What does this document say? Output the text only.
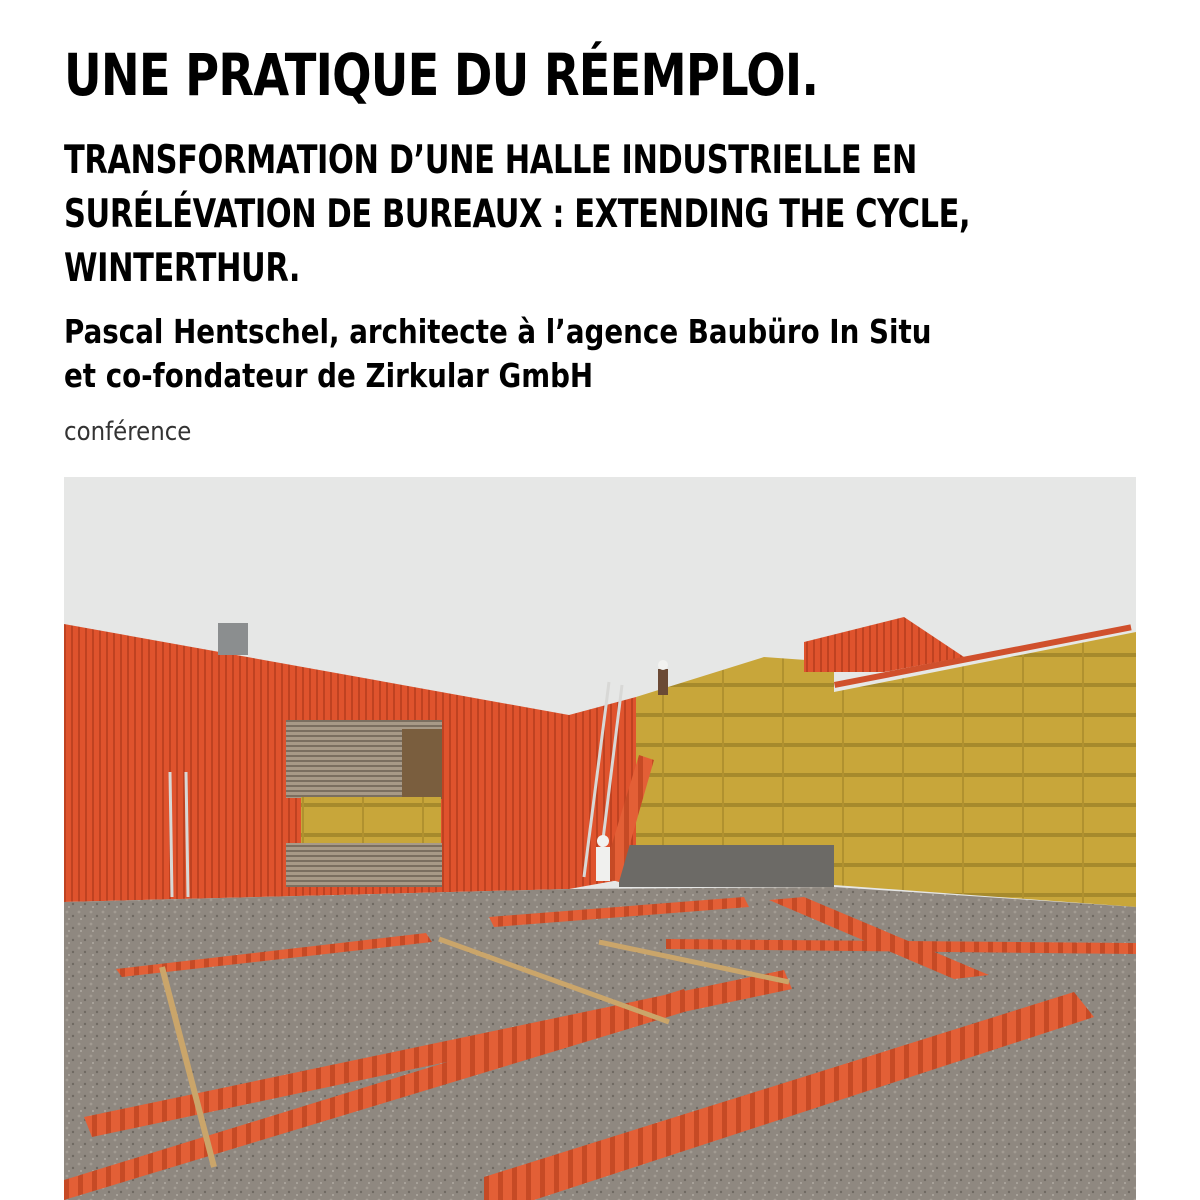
UNE PRATIQUE DU RÉEMPLOI.
TRANSFORMATION D’UNE HALLE INDUSTRIELLE EN
SURÉLÉVATION DE BUREAUX : EXTENDING THE CYCLE,
WINTERTHUR.
Pascal Hentschel, architecte à l’agence Baubüro In Situ
et co-fondateur de Zirkular GmbH
conférence
